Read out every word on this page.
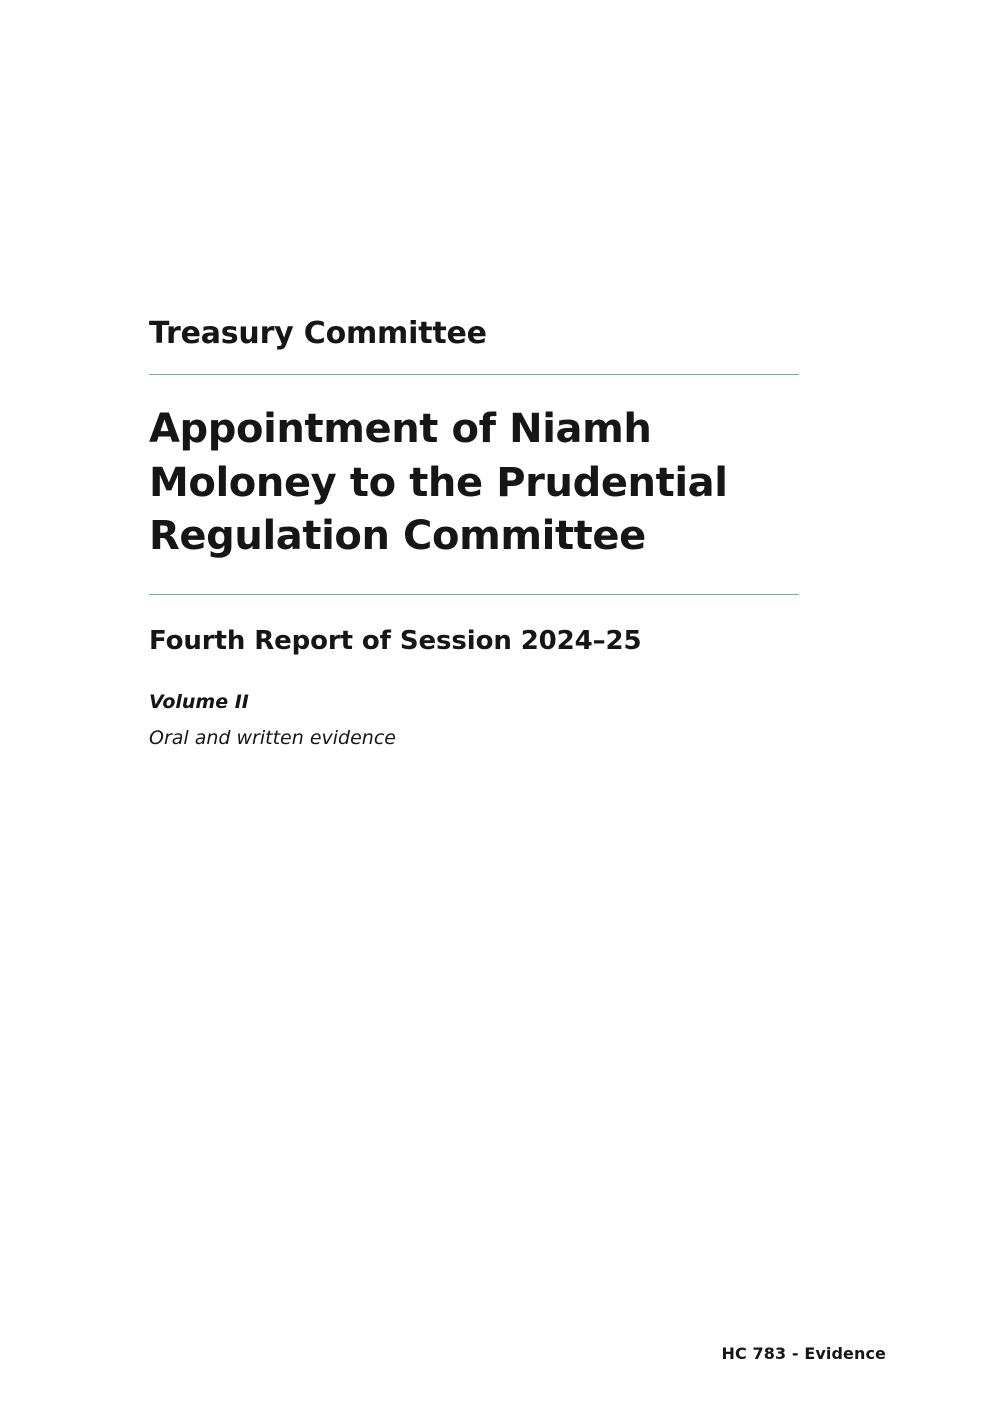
Treasury Committee
Appointment of Niamh Moloney to the Prudential Regulation Committee
Fourth Report of Session 2024–25
Volume II
Oral and written evidence
HC 783 - Evidence
